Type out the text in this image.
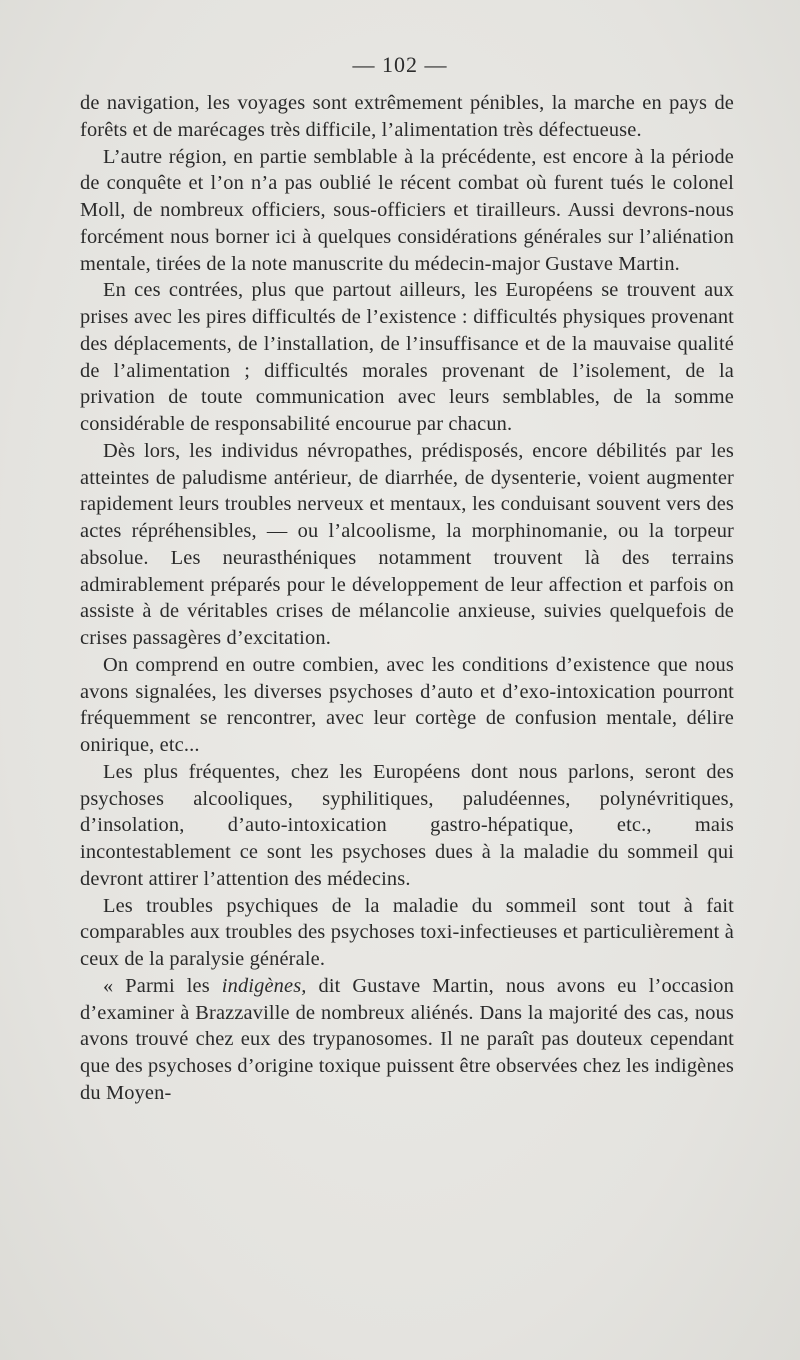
— 102 —

de navigation, les voyages sont extrêmement pénibles, la marche en pays de forêts et de marécages très difficile, l’alimentation très défectueuse.

L’autre région, en partie semblable à la précédente, est encore à la période de conquête et l’on n’a pas oublié le récent combat où furent tués le colonel Moll, de nombreux officiers, sous-officiers et tirailleurs. Aussi devrons-nous forcément nous borner ici à quelques considérations générales sur l’aliénation mentale, tirées de la note manuscrite du médecin-major Gustave Martin.

En ces contrées, plus que partout ailleurs, les Européens se trouvent aux prises avec les pires difficultés de l’existence : difficultés physiques provenant des déplacements, de l’installation, de l’insuffisance et de la mauvaise qualité de l’alimentation ; difficultés morales provenant de l’isolement, de la privation de toute communication avec leurs semblables, de la somme considérable de responsabilité encourue par chacun.

Dès lors, les individus névropathes, prédisposés, encore débilités par les atteintes de paludisme antérieur, de diarrhée, de dysenterie, voient augmenter rapidement leurs troubles nerveux et mentaux, les conduisant souvent vers des actes répréhensibles, — ou l’alcoolisme, la morphinomanie, ou la torpeur absolue. Les neurasthéniques notamment trouvent là des terrains admirablement préparés pour le développement de leur affection et parfois on assiste à de véritables crises de mélancolie anxieuse, suivies quelquefois de crises passagères d’excitation.

On comprend en outre combien, avec les conditions d’existence que nous avons signalées, les diverses psychoses d’auto et d’exo-intoxication pourront fréquemment se rencontrer, avec leur cortège de confusion mentale, délire onirique, etc...

Les plus fréquentes, chez les Européens dont nous parlons, seront des psychoses alcooliques, syphilitiques, paludéennes, polynévritiques, d’insolation, d’auto-intoxication gastro-hépatique, etc., mais incontestablement ce sont les psychoses dues à la maladie du sommeil qui devront attirer l’attention des médecins.

Les troubles psychiques de la maladie du sommeil sont tout à fait comparables aux troubles des psychoses toxi-infectieuses et particulièrement à ceux de la paralysie générale.

« Parmi les indigènes, dit Gustave Martin, nous avons eu l’occasion d’examiner à Brazzaville de nombreux aliénés. Dans la majorité des cas, nous avons trouvé chez eux des trypanosomes. Il ne paraît pas douteux cependant que des psychoses d’origine toxique puissent être observées chez les indigènes du Moyen-
